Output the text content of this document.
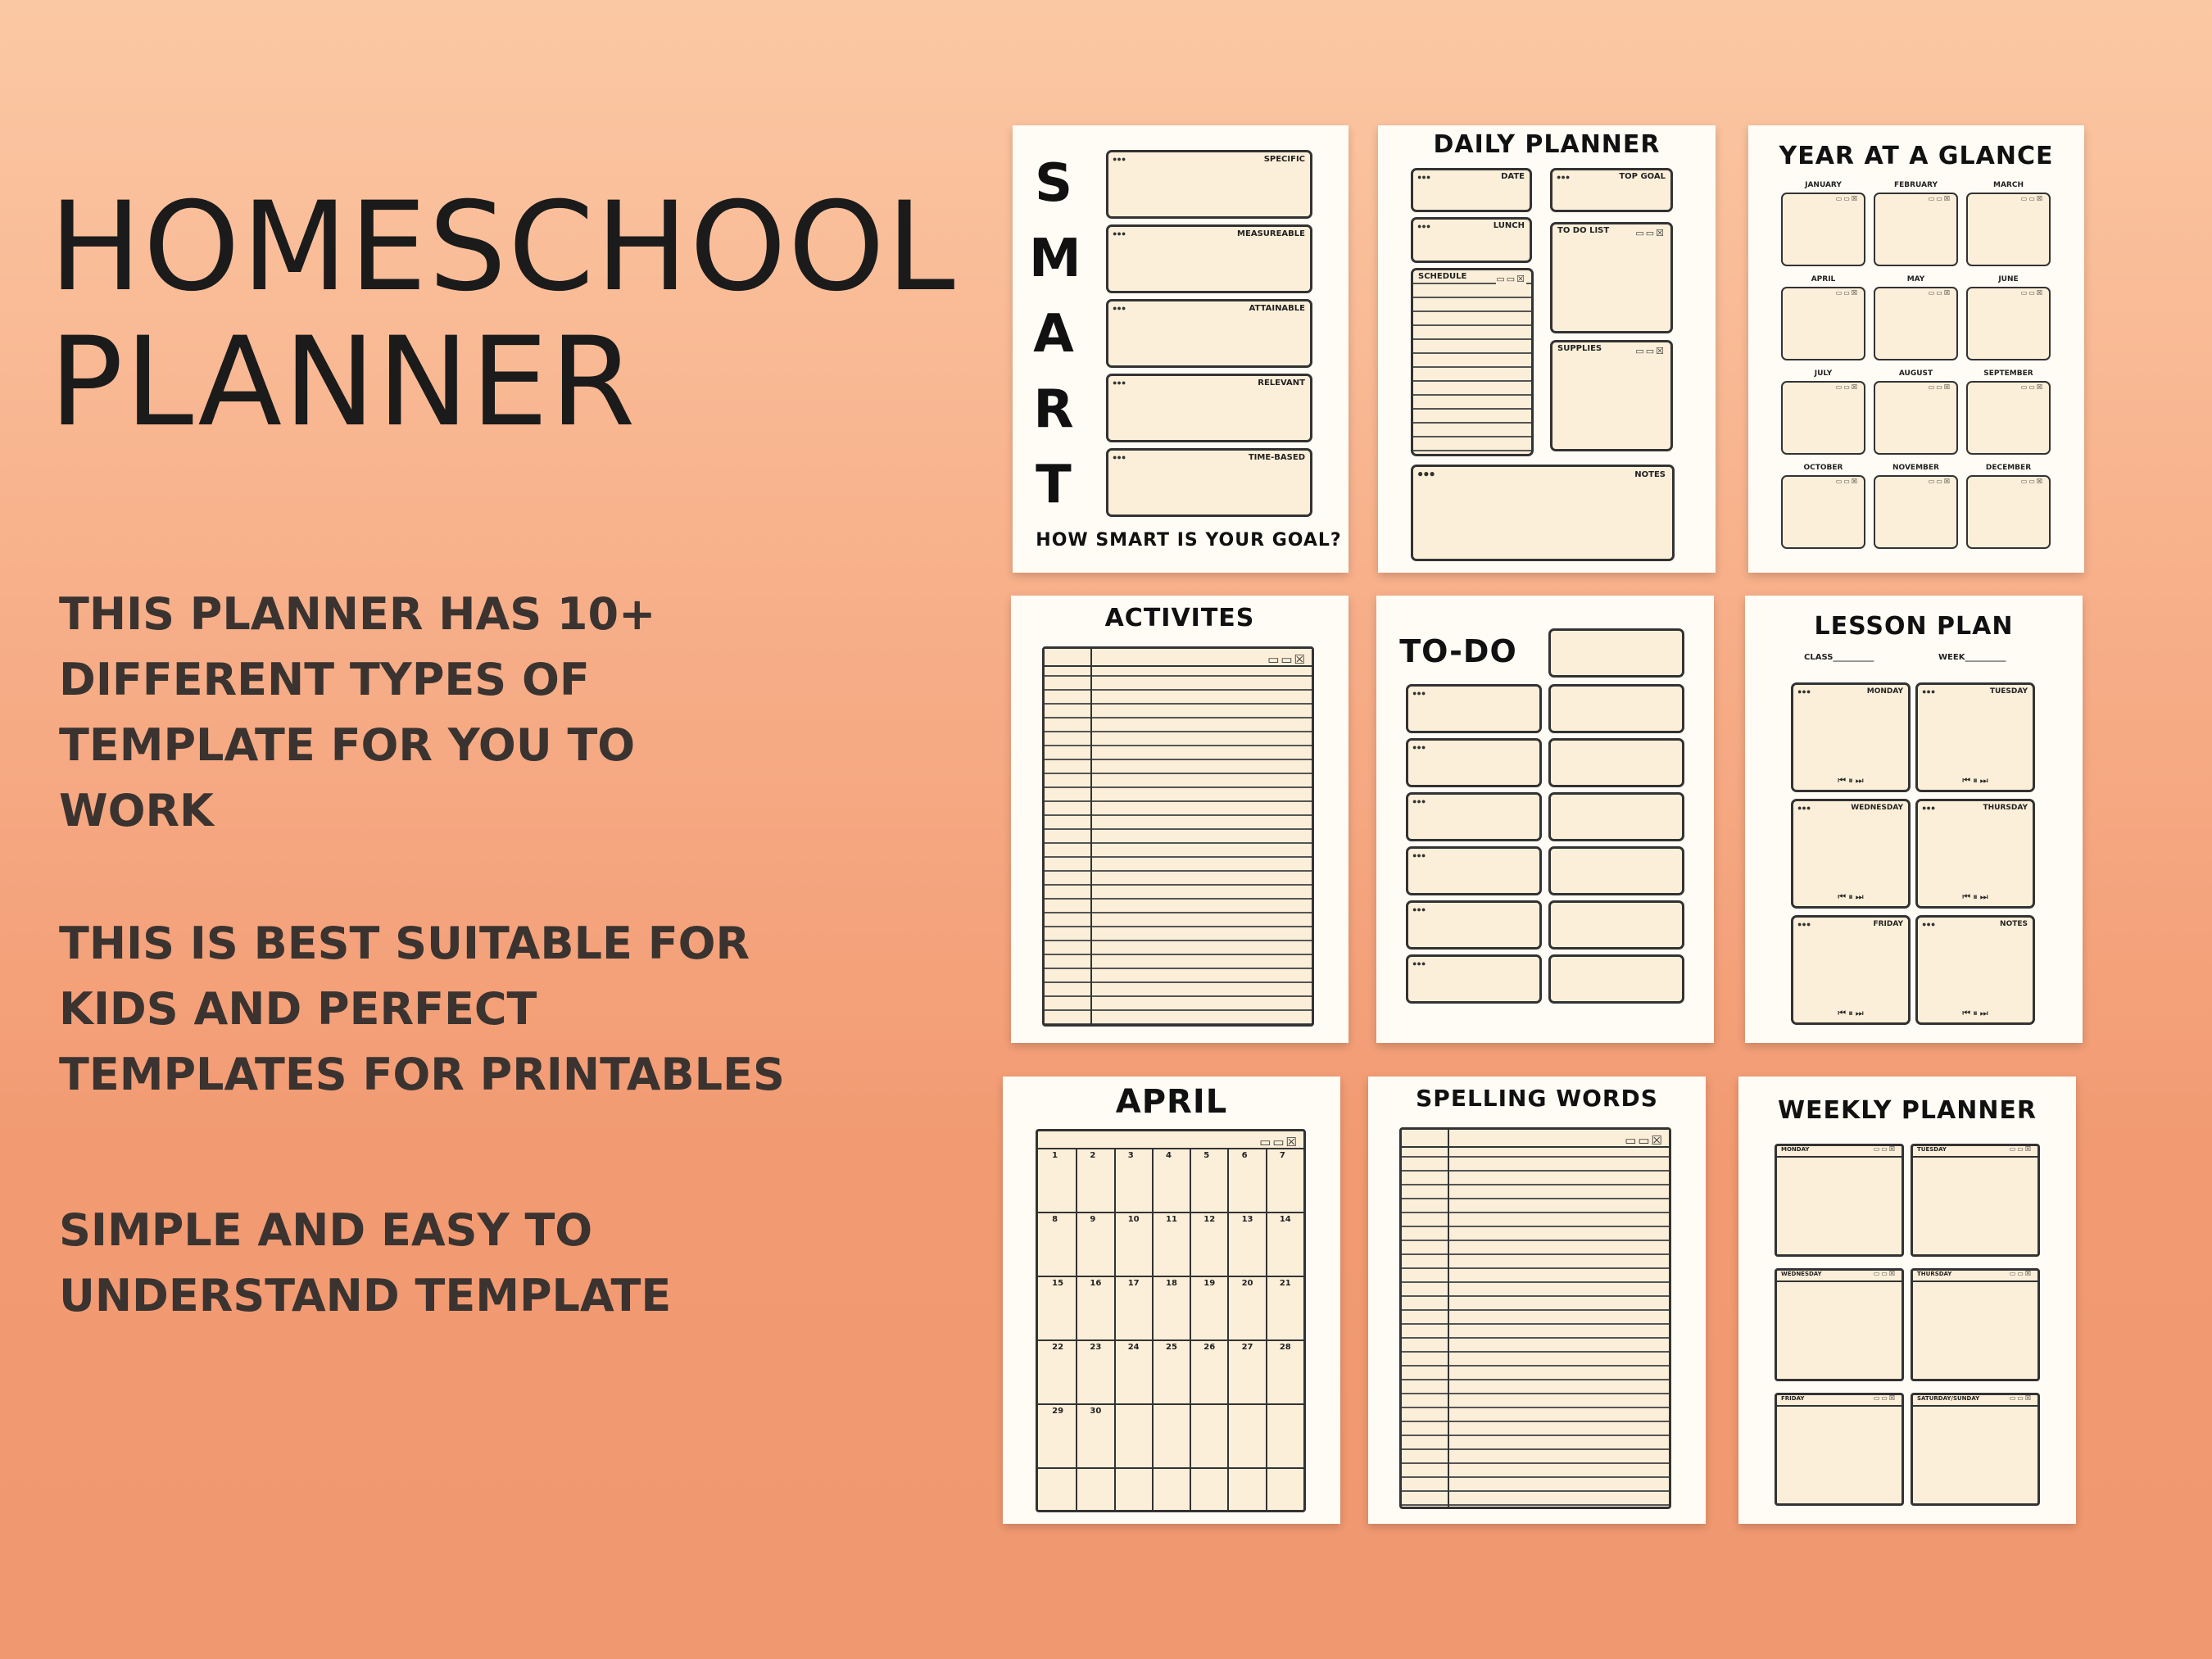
HOMESCHOOL
PLANNER

THIS PLANNER HAS 10+
DIFFERENT TYPES OF
TEMPLATE FOR YOU TO
WORK

THIS IS BEST SUITABLE FOR
KIDS AND PERFECT
TEMPLATES FOR PRINTABLES

SIMPLE AND EASY TO
UNDERSTAND TEMPLATE

S
M
A
R
T
●●●	SPECIFIC
●●●	MEASUREABLE
●●●	ATTAINABLE
●●●	RELEVANT
●●●	TIME-BASED
HOW SMART IS YOUR GOAL?
DAILY PLANNER
●●●	DATE	●●●	TOP GOAL
●●●	LUNCH
TO DO LIST	▭▭☒
SCHEDULE	▭▭☒
SUPPLIES	▭▭☒
●●●	NOTES
YEAR AT A GLANCE
JANUARY
▭▭☒
FEBRUARY
▭▭☒
MARCH
▭▭☒
APRIL
▭▭☒
MAY
▭▭☒
JUNE
▭▭☒
JULY
▭▭☒
AUGUST
▭▭☒
SEPTEMBER
▭▭☒
OCTOBER
▭▭☒
NOVEMBER
▭▭☒
DECEMBER
▭▭☒
ACTIVITES
▭▭☒	TO-DO
●●●
●●●
●●●
●●●
●●●
●●●
LESSON PLAN
CLASS__________	WEEK__________
●●●	MONDAY
⏮ ⏸ ⏭
●●●	TUESDAY
⏮ ⏸ ⏭
●●●	WEDNESDAY
⏮ ⏸ ⏭
●●●	THURSDAY
⏮ ⏸ ⏭
●●●	FRIDAY
⏮ ⏸ ⏭
●●●	NOTES
⏮ ⏸ ⏭
APRIL
▭▭☒
1	2	3	4	5	6	7
8	9	10	11	12	13	14
15	16	17	18	19	20	21
22	23	24	25	26	27	28
29	30
SPELLING WORDS
▭▭☒
WEEKLY PLANNER
MONDAY	▭▭☒	TUESDAY	▭▭☒
WEDNESDAY	▭▭☒	THURSDAY	▭▭☒
FRIDAY	▭▭☒	SATURDAY/SUNDAY	▭▭☒
